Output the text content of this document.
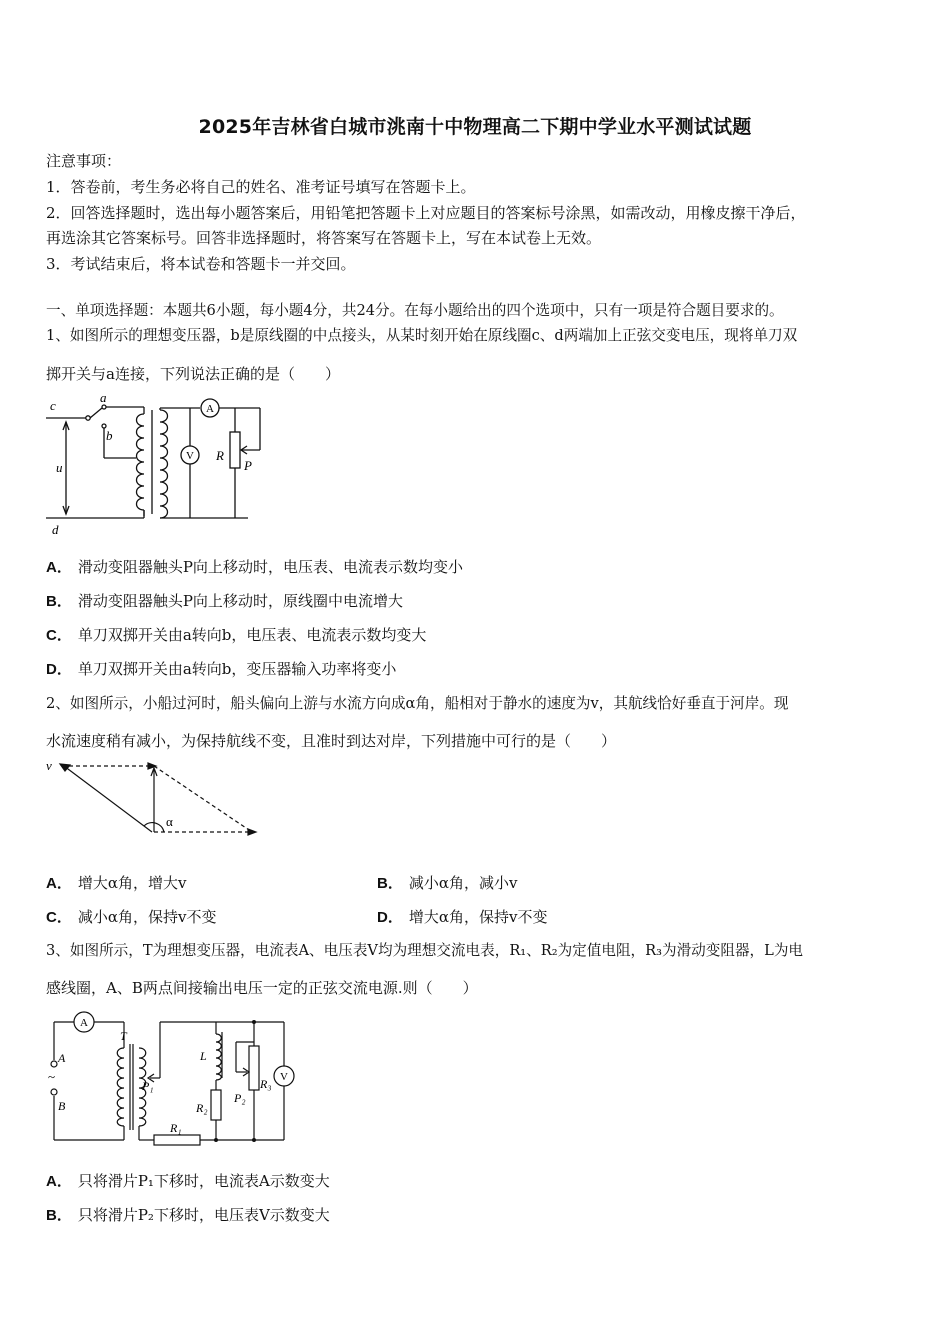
2025年吉林省白城市洮南十中物理高二下期中学业水平测试试题
注意事项：
1．答卷前，考生务必将自己的姓名、准考证号填写在答题卡上。
2．回答选择题时，选出每小题答案后，用铅笔把答题卡上对应题目的答案标号涂黑，如需改动，用橡皮擦干净后，
再选涂其它答案标号。回答非选择题时，将答案写在答题卡上，写在本试卷上无效。
3．考试结束后，将本试卷和答题卡一并交回。
一、单项选择题：本题共6小题，每小题4分，共24分。在每小题给出的四个选项中，只有一项是符合题目要求的。
1、如图所示的理想变压器，b是原线圈的中点接头，从某时刻开始在原线圈c、d两端加上正弦交变电压，现将单刀双
掷开关与a连接，下列说法正确的是（　　）
c
a
b
u
d
A
V R
P
A． 滑动变阻器触头P向上移动时，电压表、电流表示数均变小
B． 滑动变阻器触头P向上移动时，原线圈中电流增大
C． 单刀双掷开关由a转向b，电压表、电流表示数均变大
D． 单刀双掷开关由a转向b，变压器输入功率将变小
2、如图所示，小船过河时，船头偏向上游与水流方向成α角，船相对于静水的速度为v，其航线恰好垂直于河岸。现
水流速度稍有减小，为保持航线不变，且准时到达对岸，下列措施中可行的是（　　）
v
α
A． 增大α角，增大v	B． 减小α角，减小v
C． 减小α角，保持v不变	D． 增大α角，保持v不变
3、如图所示，T为理想变压器，电流表A、电压表V均为理想交流电表，R₁、R₂为定值电阻，R₃为滑动变阻器，L为电
感线圈，A、B两点间接输出电压一定的正弦交流电源.则（　　）
A
A
~
B
T
P₁
L
R₂
P₂
R₃ V
R₁
A． 只将滑片P₁下移时，电流表A示数变大
B． 只将滑片P₂下移时，电压表V示数变大
